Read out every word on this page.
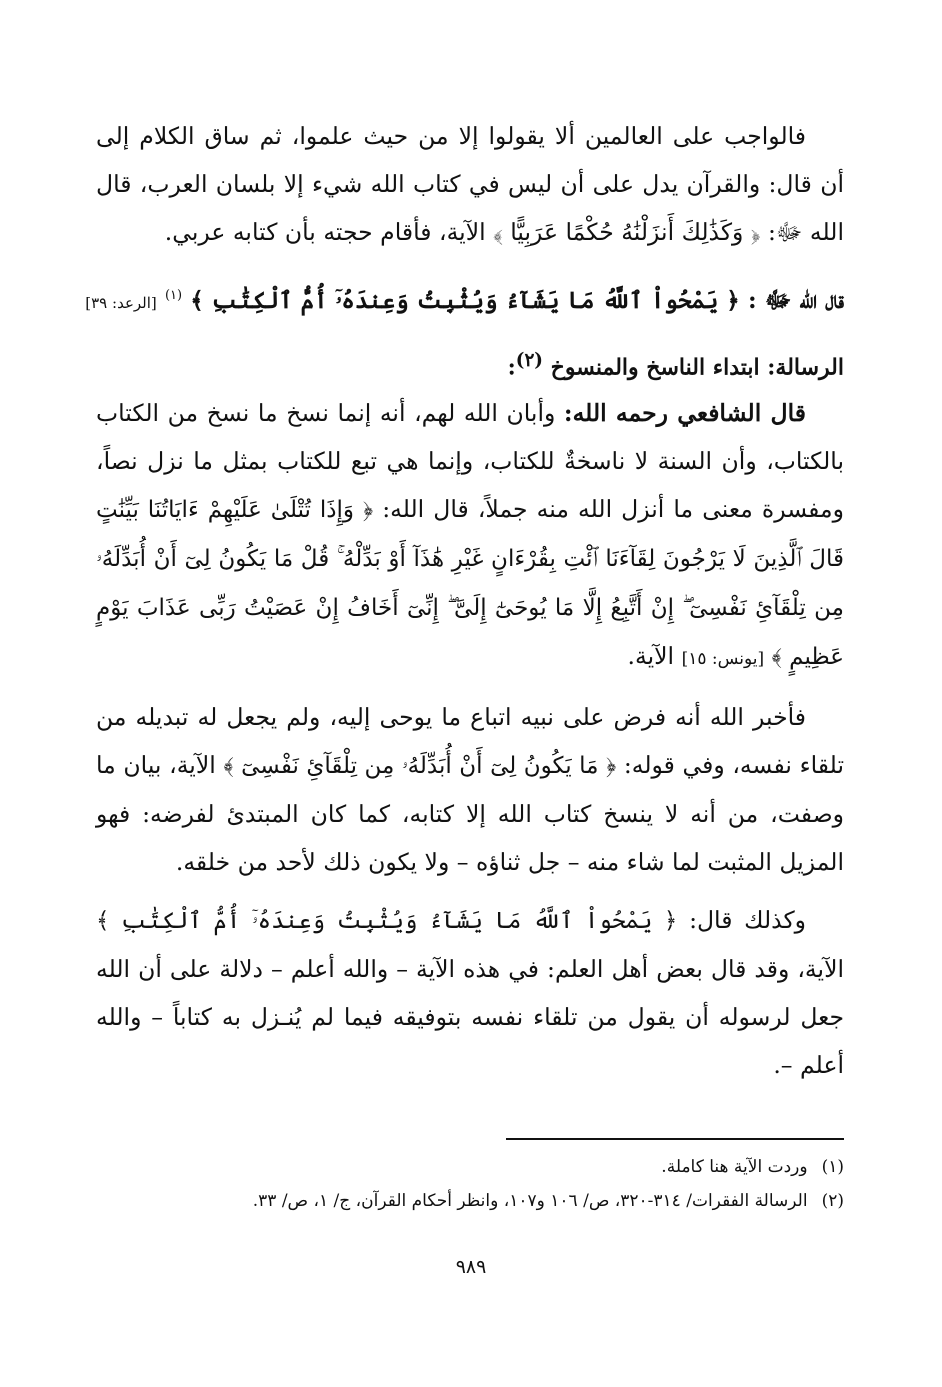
فالواجب على العالمين ألا يقولوا إلا من حيث علموا، ثم ساق الكلام إلى أن قال: والقرآن يدل على أن ليس في كتاب الله شيء إلا بلسان العرب، قال الله ﷻ: ﴿ وَكَذَٰلِكَ أَنزَلْنَٰهُ حُكْمًا عَرَبِيًّا ﴾ الآية، فأقام حجته بأن كتابه عربي.

قال الله ﷻ : ﴿ يَمْحُواْ ٱللَّهُ مَا يَشَآءُ وَيُثْبِتُ وَعِندَهُۥٓ أُمُّ ٱلْكِتَٰبِ ﴾ $^{(١)}$ [الرعد: ٣٩]
الرسالة: ابتداء الناسخ والمنسوخ $^{(٢)}$:

قال الشافعي رحمه الله: وأبان الله لهم، أنه إنما نسخ ما نسخ من الكتاب بالكتاب، وأن السنة لا ناسخةٌ للكتاب، وإنما هي تبع للكتاب بمثل ما نزل نصاً، ومفسرة معنى ما أنزل الله منه جملاً، قال الله: ﴿ وَإِذَا تُتْلَىٰ عَلَيْهِمْ ءَايَاتُنَا بَيِّنَٰتٍ قَالَ ٱلَّذِينَ لَا يَرْجُونَ لِقَآءَنَا ٱئْتِ بِقُرْءَانٍ غَيْرِ هَٰذَآ أَوْ بَدِّلْهُ ۚ قُلْ مَا يَكُونُ لِىٓ أَنْ أُبَدِّلَهُۥ مِن تِلْقَآئِ نَفْسِىٓ ۖ إِنْ أَتَّبِعُ إِلَّا مَا يُوحَىٰٓ إِلَىَّ ۖ إِنِّىٓ أَخَافُ إِنْ عَصَيْتُ رَبِّى عَذَابَ يَوْمٍ عَظِيمٍ ﴾ [يونس: ١٥] الآية.

فأخبر الله أنه فرض على نبيه اتباع ما يوحى إليه، ولم يجعل له تبديله من تلقاء نفسه، وفي قوله: ﴿ مَا يَكُونُ لِىٓ أَنْ أُبَدِّلَهُۥ مِن تِلْقَآئِ نَفْسِىٓ ﴾ الآية، بيان ما وصفت، من أنه لا ينسخ كتاب الله إلا كتابه، كما كان المبتدئ لفرضه: فهو المزيل المثبت لما شاء منه – جل ثناؤه – ولا يكون ذلك لأحد من خلقه.

وكذلك قال: ﴿ يَمْحُواْ ٱللَّهُ مَا يَشَآءُ وَيُثْبِتُ وَعِندَهُۥٓ أُمُّ ٱلْكِتَٰبِ ﴾ الآية، وقد قال بعض أهل العلم: في هذه الآية – والله أعلم – دلالة على أن الله جعل لرسوله أن يقول من تلقاء نفسه بتوفيقه فيما لم يُنـزل به كتاباً – والله أعلم –.

(١)
وردت الآية هنا كاملة.
(٢)
الرسالة الفقرات/ ٣١٤-٣٢٠، ص/ ١٠٦ و١٠٧، وانظر أحكام القرآن، ج/ ١، ص/ ٣٣.
٩٨٩
